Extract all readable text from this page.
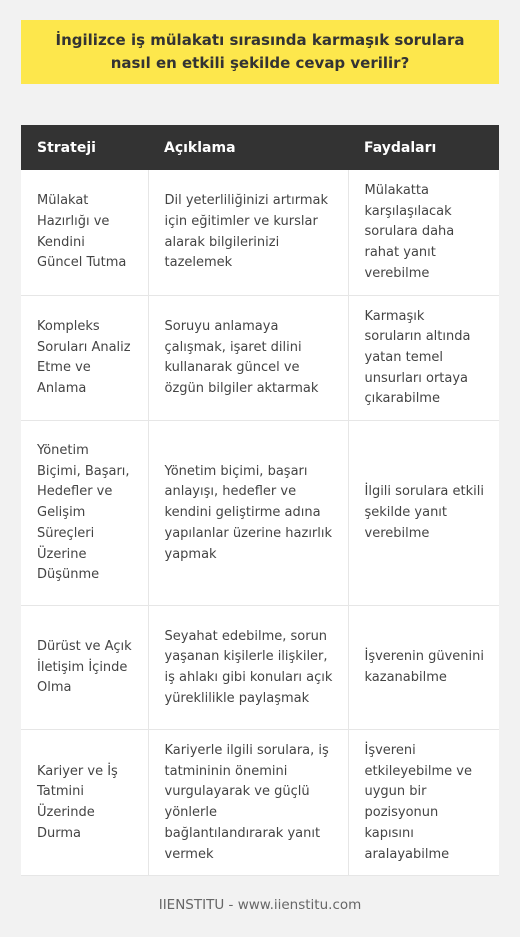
İngilizce iş mülakatı sırasında karmaşık sorulara nasıl en etkili şekilde cevap verilir?
Strateji	Açıklama	Faydaları
Mülakat Hazırlığı ve Kendini Güncel Tutma	Dil yeterliliğinizi artırmak için eğitimler ve kurslar alarak bilgilerinizi tazelemek	Mülakatta karşılaşılacak sorulara daha rahat yanıt verebilme
Kompleks Soruları Analiz Etme ve Anlama	Soruyu anlamaya çalışmak, işaret dilini kullanarak güncel ve özgün bilgiler aktarmak	Karmaşık soruların altında yatan temel unsurları ortaya çıkarabilme
Yönetim Biçimi, Başarı, Hedefler ve Gelişim Süreçleri Üzerine Düşünme	Yönetim biçimi, başarı anlayışı, hedefler ve kendini geliştirme adına yapılanlar üzerine hazırlık yapmak	İlgili sorulara etkili şekilde yanıt verebilme
Dürüst ve Açık İletişim İçinde Olma	Seyahat edebilme, sorun yaşanan kişilerle ilişkiler, iş ahlakı gibi konuları açık yüreklilikle paylaşmak	İşverenin güvenini kazanabilme
Kariyer ve İş Tatmini Üzerinde Durma	Kariyerle ilgili sorulara, iş tatmininin önemini vurgulayarak ve güçlü yönlerle bağlantılandırarak yanıt vermek	İşvereni etkileyebilme ve uygun bir pozisyonun kapısını aralayabilme
IIENSTITU - www.iienstitu.com
